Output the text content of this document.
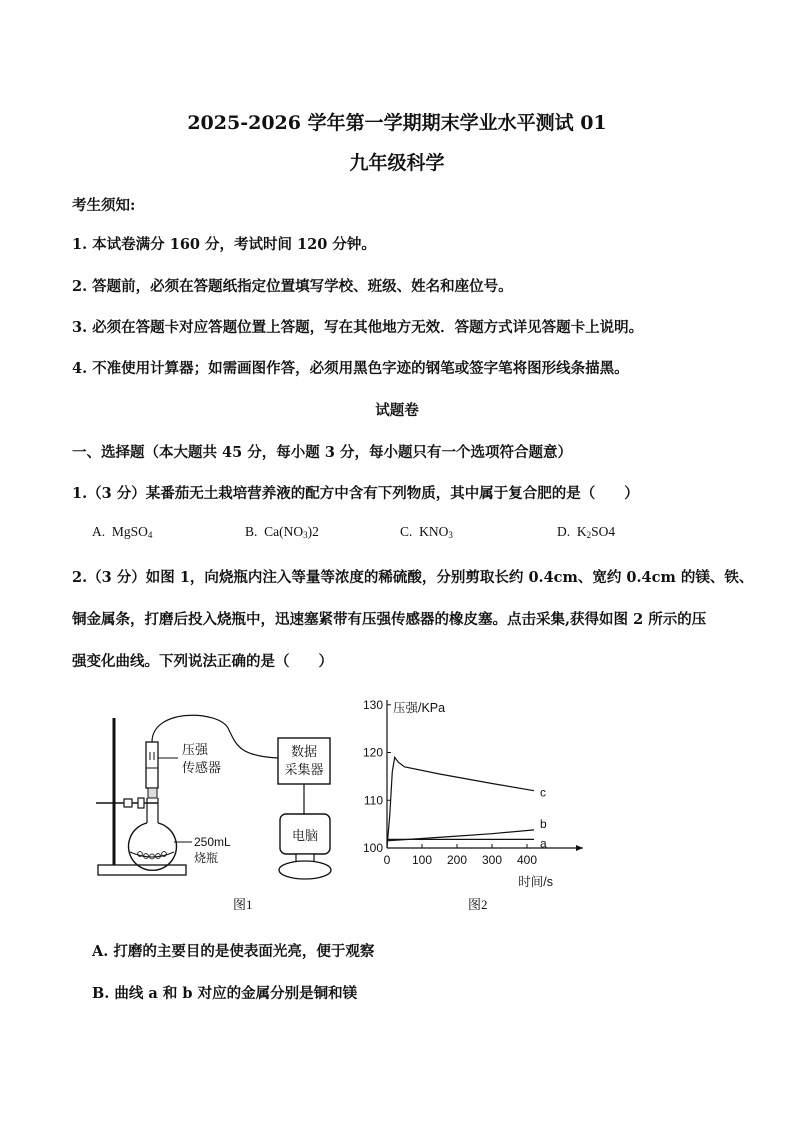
2025-2026 学年第一学期期末学业水平测试 01
九年级科学
考生须知:
1. 本试卷满分 160 分，考试时间 120 分钟。
2. 答题前，必须在答题纸指定位置填写学校、班级、姓名和座位号。
3. 必须在答题卡对应答题位置上答题，写在其他地方无效．答题方式详见答题卡上说明。
4. 不准使用计算器；如需画图作答，必须用黑色字迹的钢笔或签字笔将图形线条描黑。
试题卷
一、选择题（本大题共 45 分，每小题 3 分，每小题只有一个选项符合题意）
1.（3 分）某番茄无土栽培营养液的配方中含有下列物质，其中属于复合肥的是（　　）
A. MgSO$_4$	B. $Ca(NO_3)2$	C. $KNO_3$	D. $K_2SO4$
2.（3 分）如图 1，向烧瓶内注入等量等浓度的稀硫酸，分别剪取长约 0.4cm、宽约 0.4cm 的镁、铁、
铜金属条，打磨后投入烧瓶中，迅速塞紧带有压强传感器的橡皮塞。点击采集,获得如图 2 所示的压
强变化曲线。下列说法正确的是（　　）
压强
传感器
250mL
烧瓶
数据
采集器
电脑
图1
100
110
120
130
0 100 200 300 400
压强/KPa
时间/s
c
b
a
图2
A. 打磨的主要目的是使表面光亮，便于观察
B. 曲线 a 和 b 对应的金属分别是铜和镁
